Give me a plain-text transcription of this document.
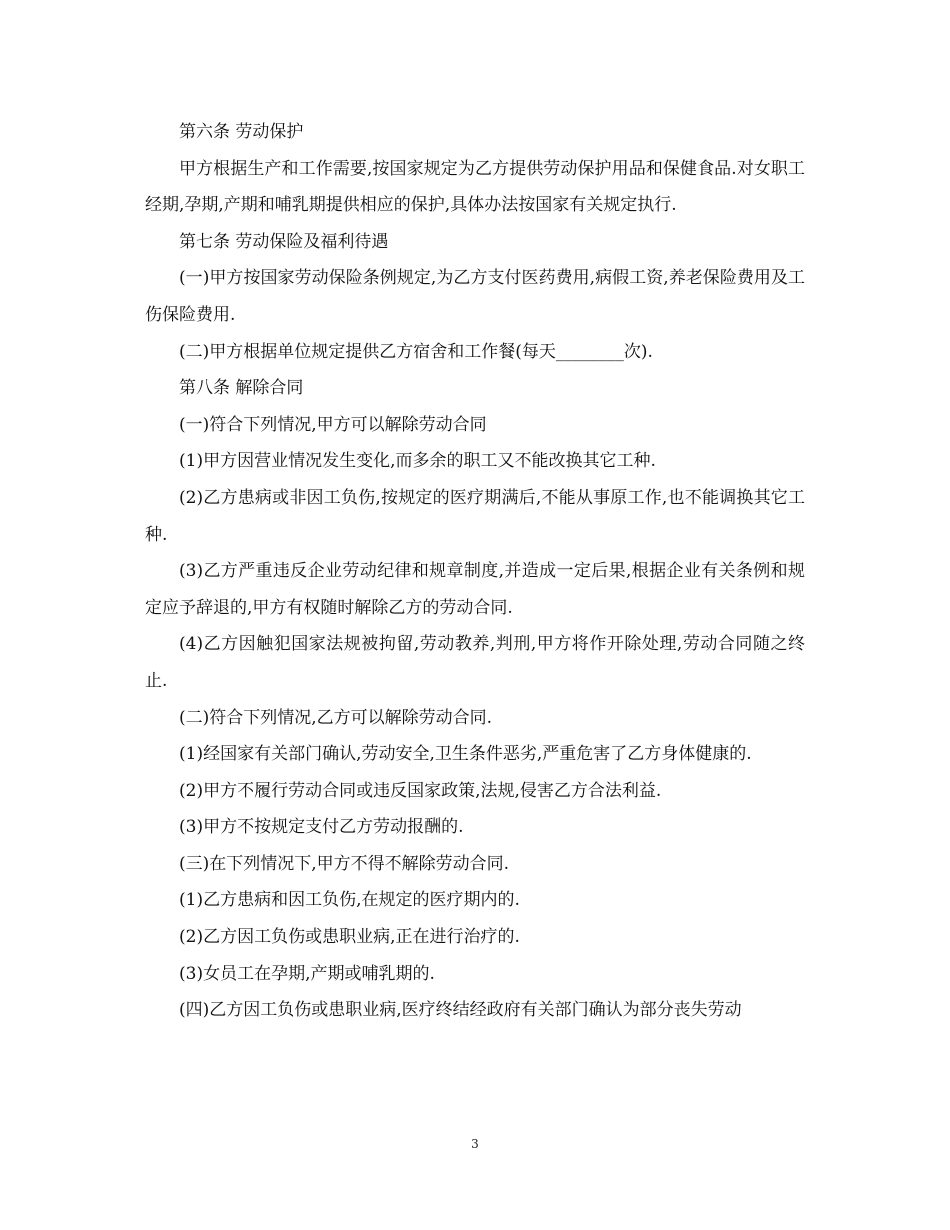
第六条 劳动保护

甲方根据生产和工作需要,按国家规定为乙方提供劳动保护用品和保健食品.对女职工经期,孕期,产期和哺乳期提供相应的保护,具体办法按国家有关规定执行.

第七条 劳动保险及福利待遇

(一)甲方按国家劳动保险条例规定,为乙方支付医药费用,病假工资,养老保险费用及工伤保险费用.

(二)甲方根据单位规定提供乙方宿舍和工作餐(每天________次).

第八条 解除合同

(一)符合下列情况,甲方可以解除劳动合同

(1)甲方因营业情况发生变化,而多余的职工又不能改换其它工种.

(2)乙方患病或非因工负伤,按规定的医疗期满后,不能从事原工作,也不能调换其它工种.

(3)乙方严重违反企业劳动纪律和规章制度,并造成一定后果,根据企业有关条例和规定应予辞退的,甲方有权随时解除乙方的劳动合同.

(4)乙方因触犯国家法规被拘留,劳动教养,判刑,甲方将作开除处理,劳动合同随之终止.

(二)符合下列情况,乙方可以解除劳动合同.

(1)经国家有关部门确认,劳动安全,卫生条件恶劣,严重危害了乙方身体健康的.

(2)甲方不履行劳动合同或违反国家政策,法规,侵害乙方合法利益.

(3)甲方不按规定支付乙方劳动报酬的.

(三)在下列情况下,甲方不得不解除劳动合同.

(1)乙方患病和因工负伤,在规定的医疗期内的.

(2)乙方因工负伤或患职业病,正在进行治疗的.

(3)女员工在孕期,产期或哺乳期的.

(四)乙方因工负伤或患职业病,医疗终结经政府有关部门确认为部分丧失劳动

3
